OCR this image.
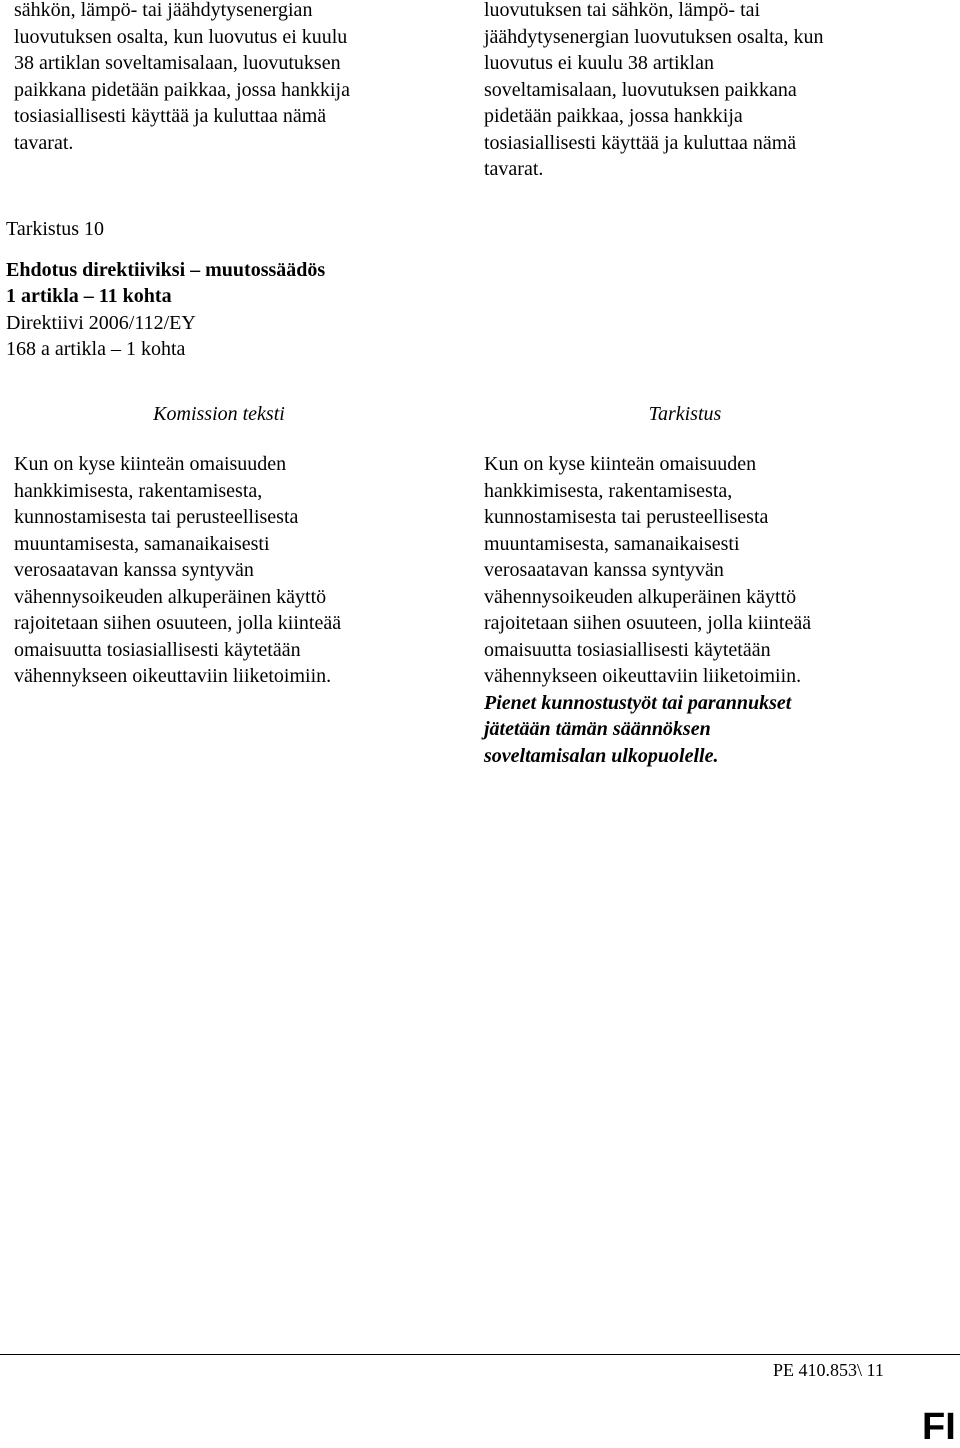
sähkön, lämpö- tai jäähdytysenergian
luovutuksen osalta, kun luovutus ei kuulu
38 artiklan soveltamisalaan, luovutuksen
paikkana pidetään paikkaa, jossa hankkija
tosiasiallisesti käyttää ja kuluttaa nämä
tavarat.
luovutuksen tai sähkön, lämpö- tai
jäähdytysenergian luovutuksen osalta, kun
luovutus ei kuulu 38 artiklan
soveltamisalaan, luovutuksen paikkana
pidetään paikkaa, jossa hankkija
tosiasiallisesti käyttää ja kuluttaa nämä
tavarat.
Tarkistus 10
Ehdotus direktiiviksi – muutossäädös
1 artikla – 11 kohta
Direktiivi 2006/112/EY
168 a artikla – 1 kohta
Komission teksti	Tarkistus
Kun on kyse kiinteän omaisuuden
hankkimisesta, rakentamisesta,
kunnostamisesta tai perusteellisesta
muuntamisesta, samanaikaisesti
verosaatavan kanssa syntyvän
vähennysoikeuden alkuperäinen käyttö
rajoitetaan siihen osuuteen, jolla kiinteää
omaisuutta tosiasiallisesti käytetään
vähennykseen oikeuttaviin liiketoimiin.
Kun on kyse kiinteän omaisuuden
hankkimisesta, rakentamisesta,
kunnostamisesta tai perusteellisesta
muuntamisesta, samanaikaisesti
verosaatavan kanssa syntyvän
vähennysoikeuden alkuperäinen käyttö
rajoitetaan siihen osuuteen, jolla kiinteää
omaisuutta tosiasiallisesti käytetään
vähennykseen oikeuttaviin liiketoimiin.
Pienet kunnostustyöt tai parannukset
jätetään tämän säännöksen
soveltamisalan ulkopuolelle.
PE 410.853\ 11
FI
